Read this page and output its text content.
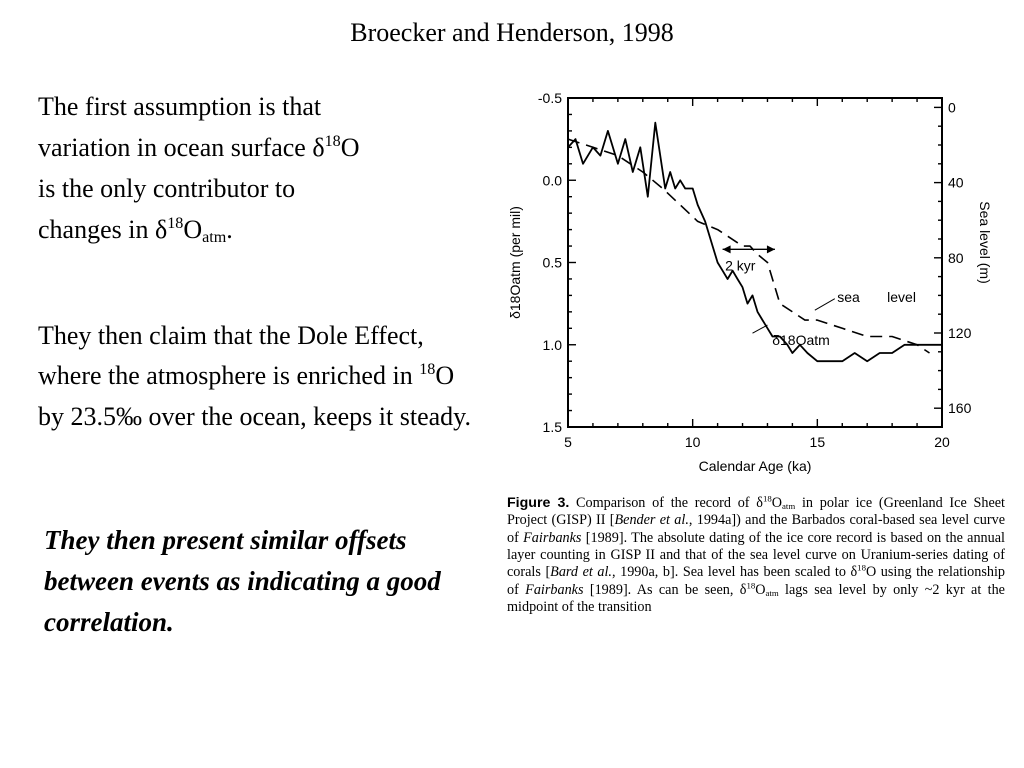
Broecker and Henderson, 1998
The first assumption is that
variation in ocean surface $\delta^{18}O$
is the only contributor to
changes in $\delta^{18}O_{atm}$.
They then claim that the Dole Effect, where the atmosphere is enriched in $^{18}$O by 23.5‰ over the ocean, keeps it steady.
They then present similar offsets between events as indicating a good correlation.
5	10	15	20
-0.5
0.0
0.5
1.0
1.5
0
40
80
120
160
Calendar Age (ka)
δ18Oatm (per mil)	Sea level (m)
2 kyr
sea level
δ18Oatm
Figure 3. Comparison of the record of $\delta^{18}O_{atm}$ in polar ice (Greenland Ice Sheet Project (GISP) II [Bender et al., 1994a]) and the Barbados coral-based sea level curve of Fairbanks [1989]. The absolute dating of the ice core record is based on the annual layer counting in GISP II and that of the sea level curve on Uranium-series dating of corals [Bard et al., 1990a, b]. Sea level has been scaled to $\delta^{18}O$ using the relationship of Fairbanks [1989]. As can be seen, $\delta^{18}O_{atm}$ lags sea level by only ~2 kyr at the midpoint of the transition
